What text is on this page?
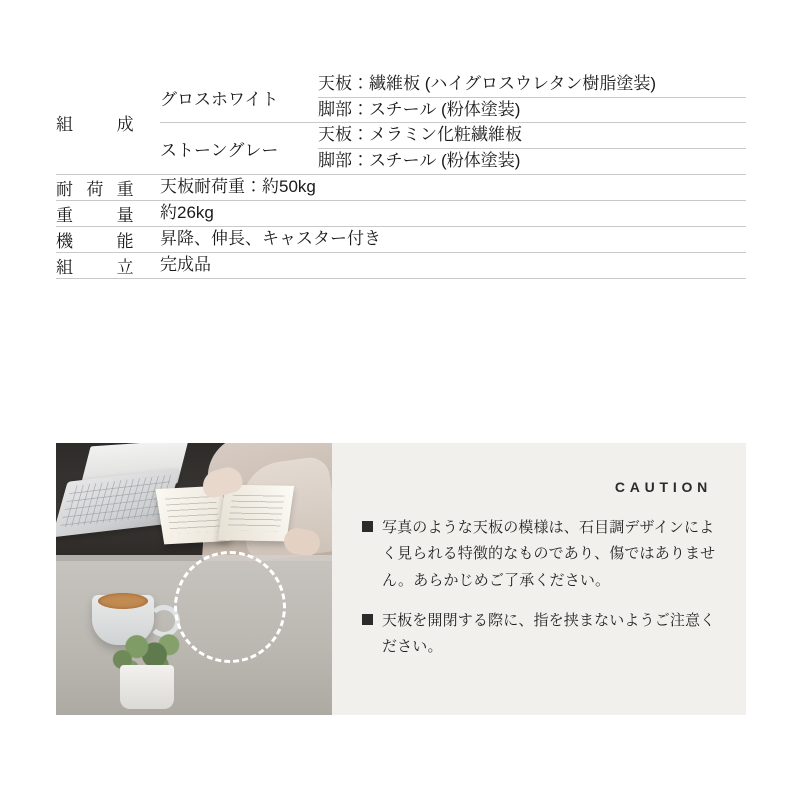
組成	グロスホワイト	天板：繊維板 (ハイグロスウレタン樹脂塗装)
		脚部：スチール (粉体塗装)
	ストーングレー	天板：メラミン化粧繊維板
		脚部：スチール (粉体塗装)
耐荷重	天板耐荷重：約50kg	
重量	約26kg	
機能	昇降、伸長、キャスター付き	
組立	完成品	
CAUTION
写真のような天板の模様は、石目調デザインによく見られる特徴的なものであり、傷ではありません。あらかじめご了承ください。
天板を開閉する際に、指を挟まないようご注意ください。
